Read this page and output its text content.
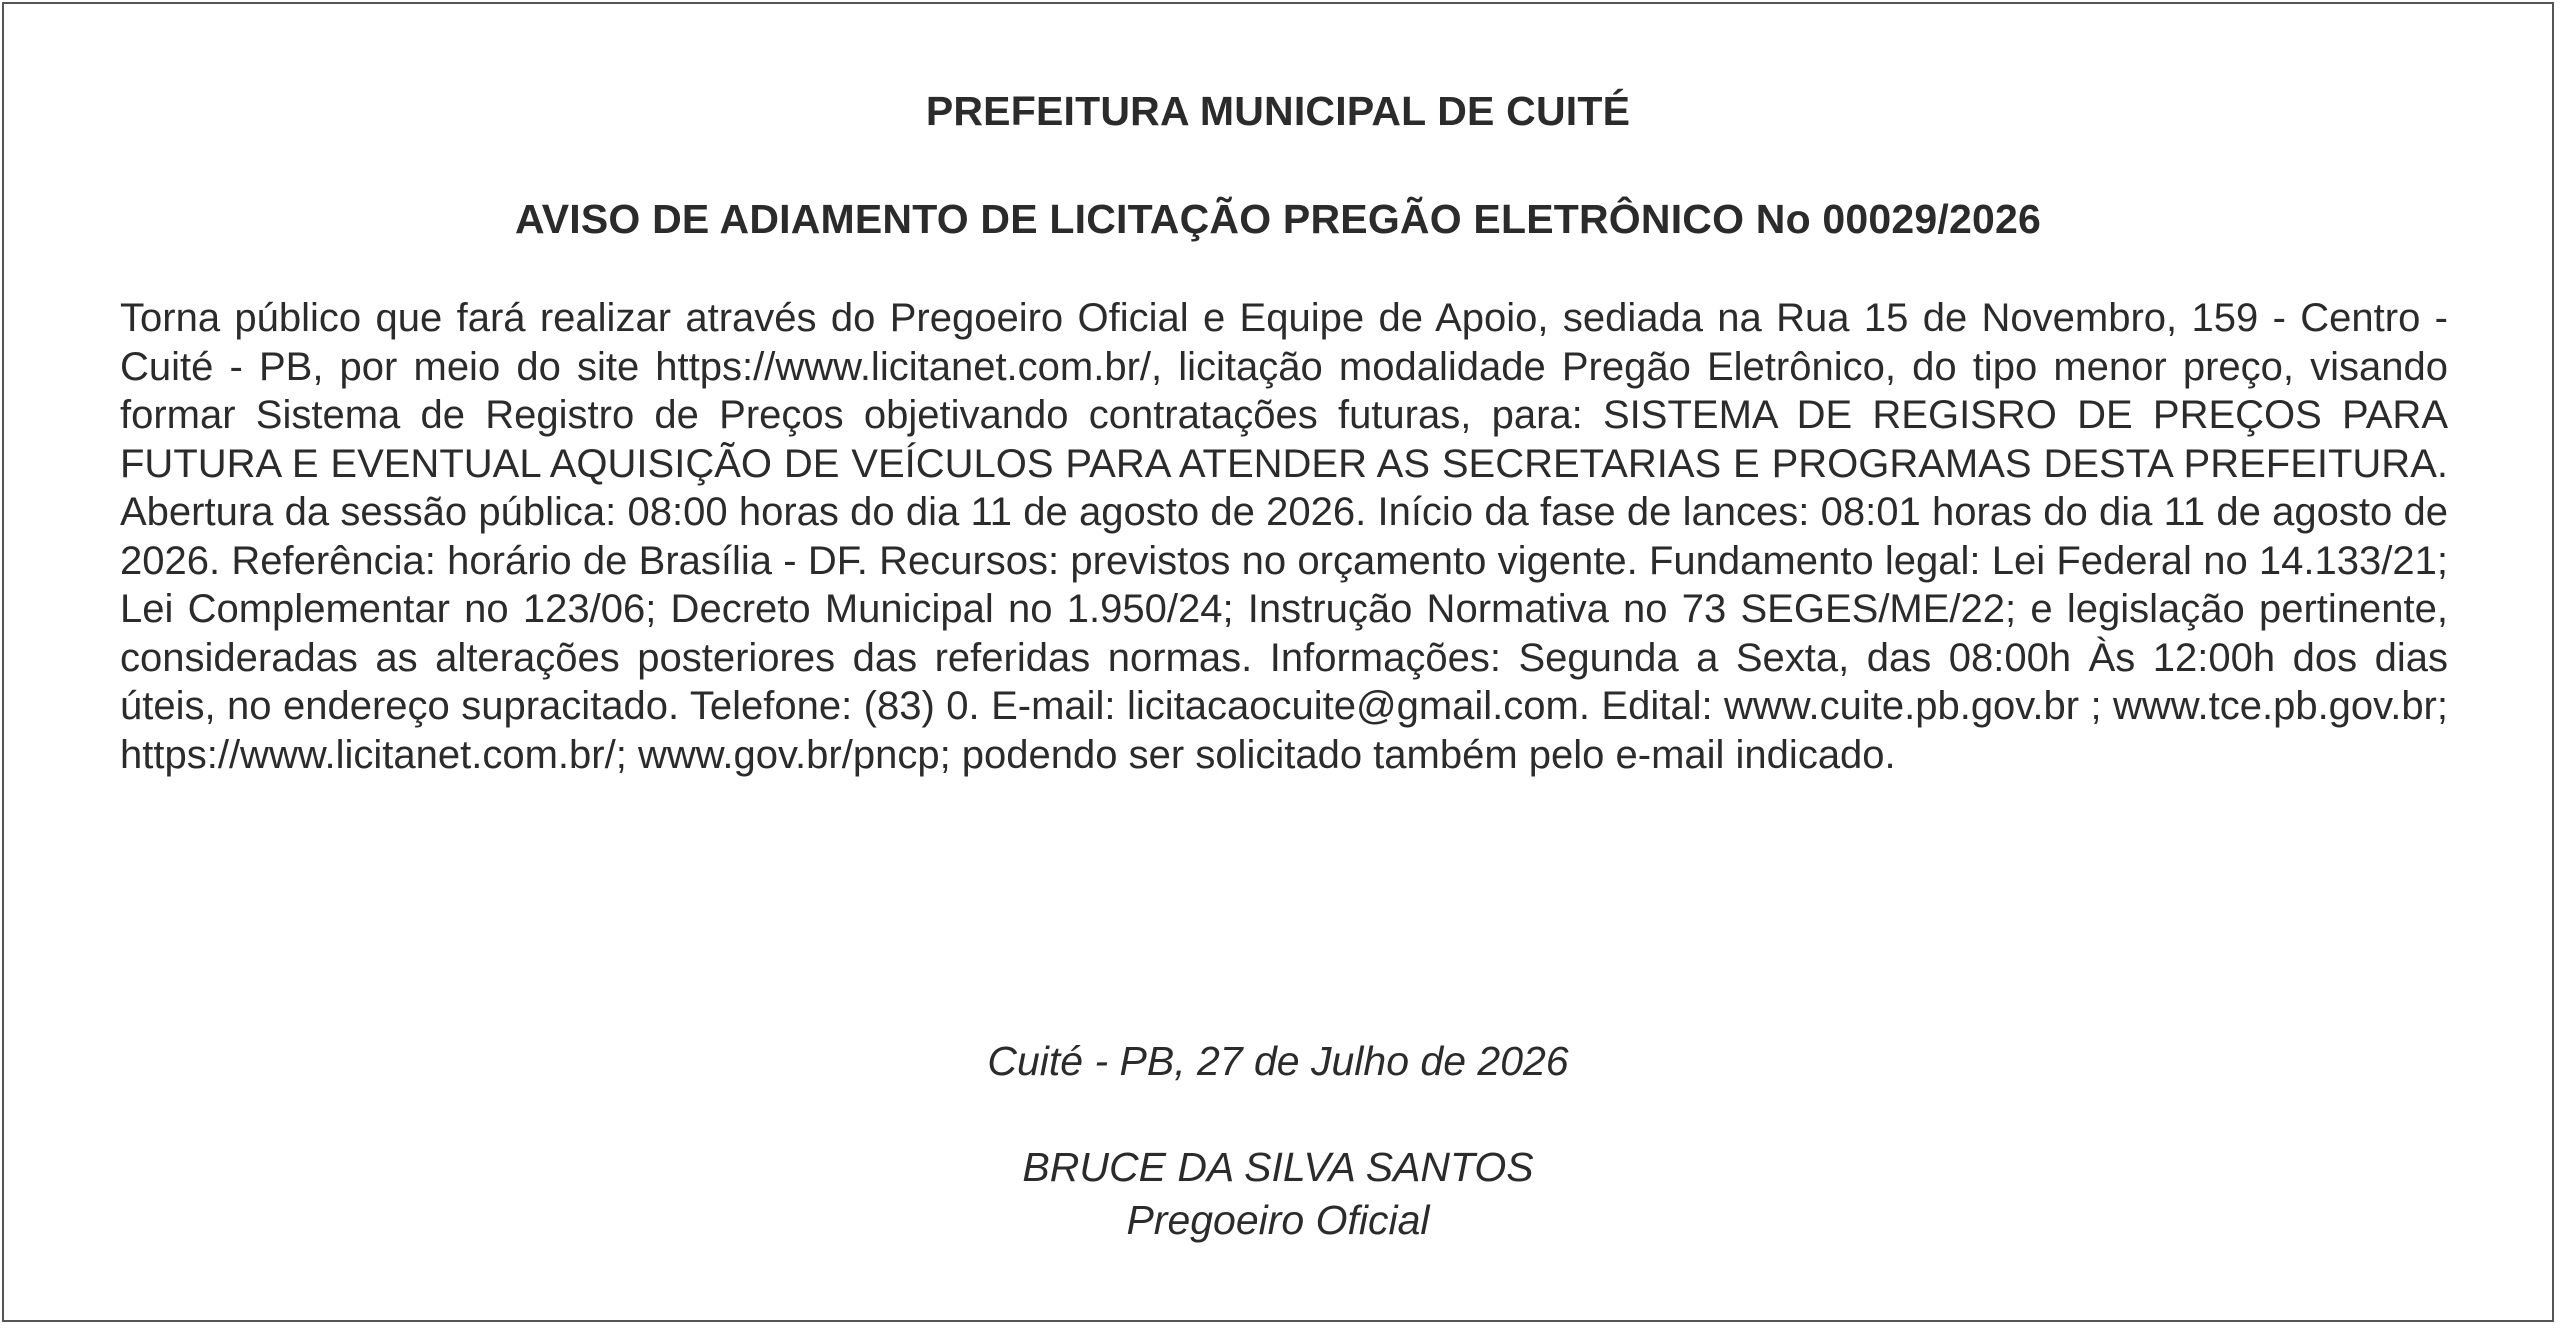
PREFEITURA MUNICIPAL DE CUITÉ
AVISO DE ADIAMENTO DE LICITAÇÃO PREGÃO ELETRÔNICO No 00029/2026

Torna público que fará realizar através do Pregoeiro Oficial e Equipe de Apoio, sediada na Rua 15 de Novembro, 159 - Centro - Cuité - PB, por meio do site https://www.licitanet.com.br/, licitação modalidade Pregão Eletrônico, do tipo menor preço, visando formar Sistema de Registro de Preços objetivando contratações futuras, para: SISTEMA DE REGISRO DE PREÇOS PARA FUTURA E EVENTUAL AQUISIÇÃO DE VEÍCULOS PARA ATENDER AS SECRETARIAS E PROGRAMAS DESTA PREFEITURA. Abertura da sessão pública: 08:00 horas do dia 11 de agosto de 2026. Início da fase de lances: 08:01 horas do dia 11 de agosto de 2026. Referência: horário de Brasília - DF. Recursos: previstos no orçamento vigente. Fundamento legal: Lei Federal no 14.133/21; Lei Complementar no 123/06; Decreto Municipal no 1.950/24; Instrução Normativa no 73 SEGES/ME/22; e legislação pertinente, consideradas as alterações posteriores das referidas normas. Informações: Segunda a Sexta, das 08:00h Às 12:00h dos dias úteis, no endereço supracitado. Telefone: (83) 0. E-mail: licitacaocuite@gmail.com. Edital: www.cuite.pb.gov.br ; www.tce.pb.gov.br; https://www.licitanet.com.br/; www.gov.br/pncp; podendo ser solicitado também pelo e-mail indicado.

Cuité - PB, 27 de Julho de 2026
BRUCE DA SILVA SANTOS
Pregoeiro Oficial
